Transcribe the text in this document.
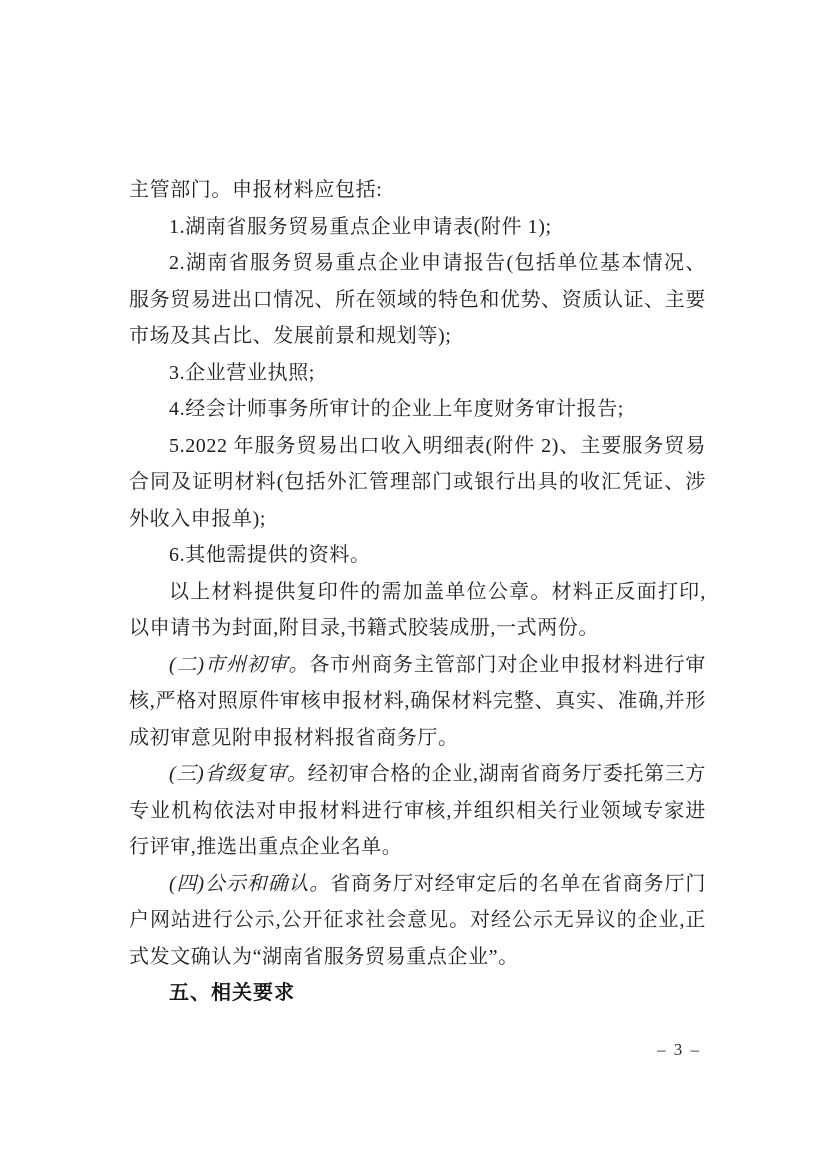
主管部门。申报材料应包括:

1.湖南省服务贸易重点企业申请表(附件 1);

2.湖南省服务贸易重点企业申请报告(包括单位基本情况、服务贸易进出口情况、所在领域的特色和优势、资质认证、主要市场及其占比、发展前景和规划等);

3.企业营业执照;

4.经会计师事务所审计的企业上年度财务审计报告;

5.2022 年服务贸易出口收入明细表(附件 2)、主要服务贸易合同及证明材料(包括外汇管理部门或银行出具的收汇凭证、涉外收入申报单);

6.其他需提供的资料。

以上材料提供复印件的需加盖单位公章。材料正反面打印,以申请书为封面,附目录,书籍式胶装成册,一式两份。

(二)市州初审。各市州商务主管部门对企业申报材料进行审核,严格对照原件审核申报材料,确保材料完整、真实、准确,并形成初审意见附申报材料报省商务厅。

(三)省级复审。经初审合格的企业,湖南省商务厅委托第三方专业机构依法对申报材料进行审核,并组织相关行业领域专家进行评审,推选出重点企业名单。

(四)公示和确认。省商务厅对经审定后的名单在省商务厅门户网站进行公示,公开征求社会意见。对经公示无异议的企业,正式发文确认为“湖南省服务贸易重点企业”。

五、相关要求

– 3 –
